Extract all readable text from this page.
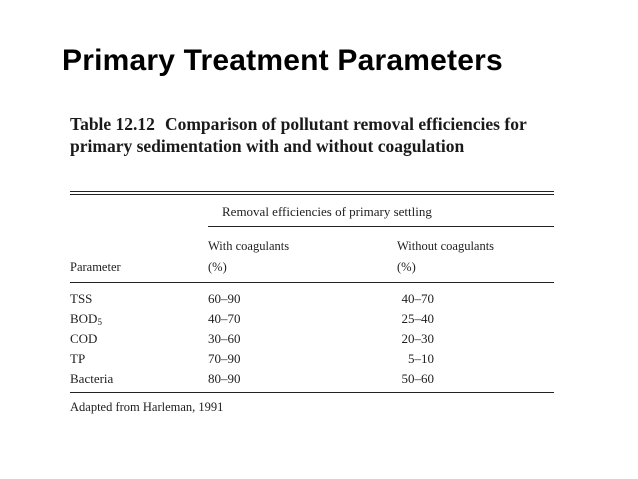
Primary Treatment Parameters
Table 12.12 Comparison of pollutant removal efficiencies for primary sedimentation with and without coagulation
Removal efficiencies of primary settling
With coagulants	Without coagulants
Parameter	(%)	(%)
TSS	60–90	40–70
$BOD_5$	40–70	25–40
COD	30–60	20–30
TP	70–90	5–10
Bacteria	80–90	50–60
Adapted from Harleman, 1991
